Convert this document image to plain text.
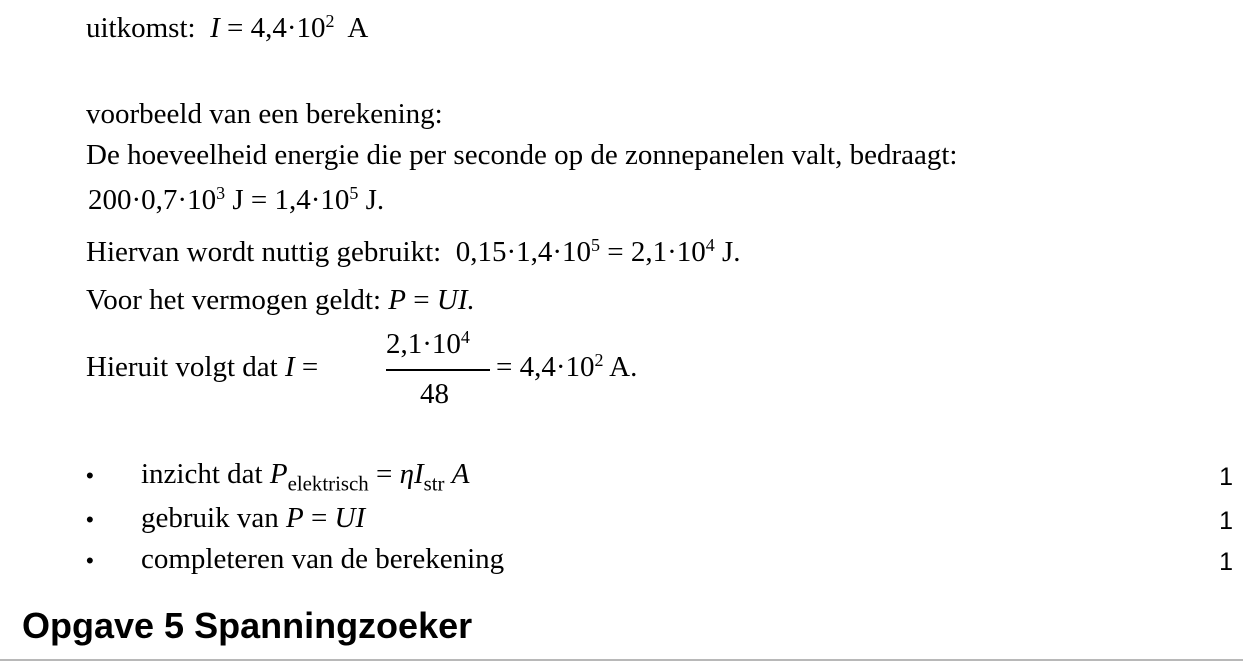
uitkomst: $I = 4,4\cdot 10^2$  A
voorbeeld van een berekening:
De hoeveelheid energie die per seconde op de zonnepanelen valt, bedraagt:
$200\cdot 0,7\cdot 10^3$ $J = 1,4\cdot 10^5$ J.
Hiervan wordt nuttig gebruikt: $0,15\cdot 1,4\cdot 10^5 = 2,1\cdot 10^4$ J.
Voor het vermogen geldt: P = UI.
Hieruit volgt dat I =
$2,1\cdot 10^4$
48
= $4,4\cdot 10^2$ A.
• inzicht dat $P_{elektrisch} = \eta I_{str}$ A	1
• gebruik van P = UI	1
• completeren van de berekening	1
Opgave 5 Spanningzoeker
